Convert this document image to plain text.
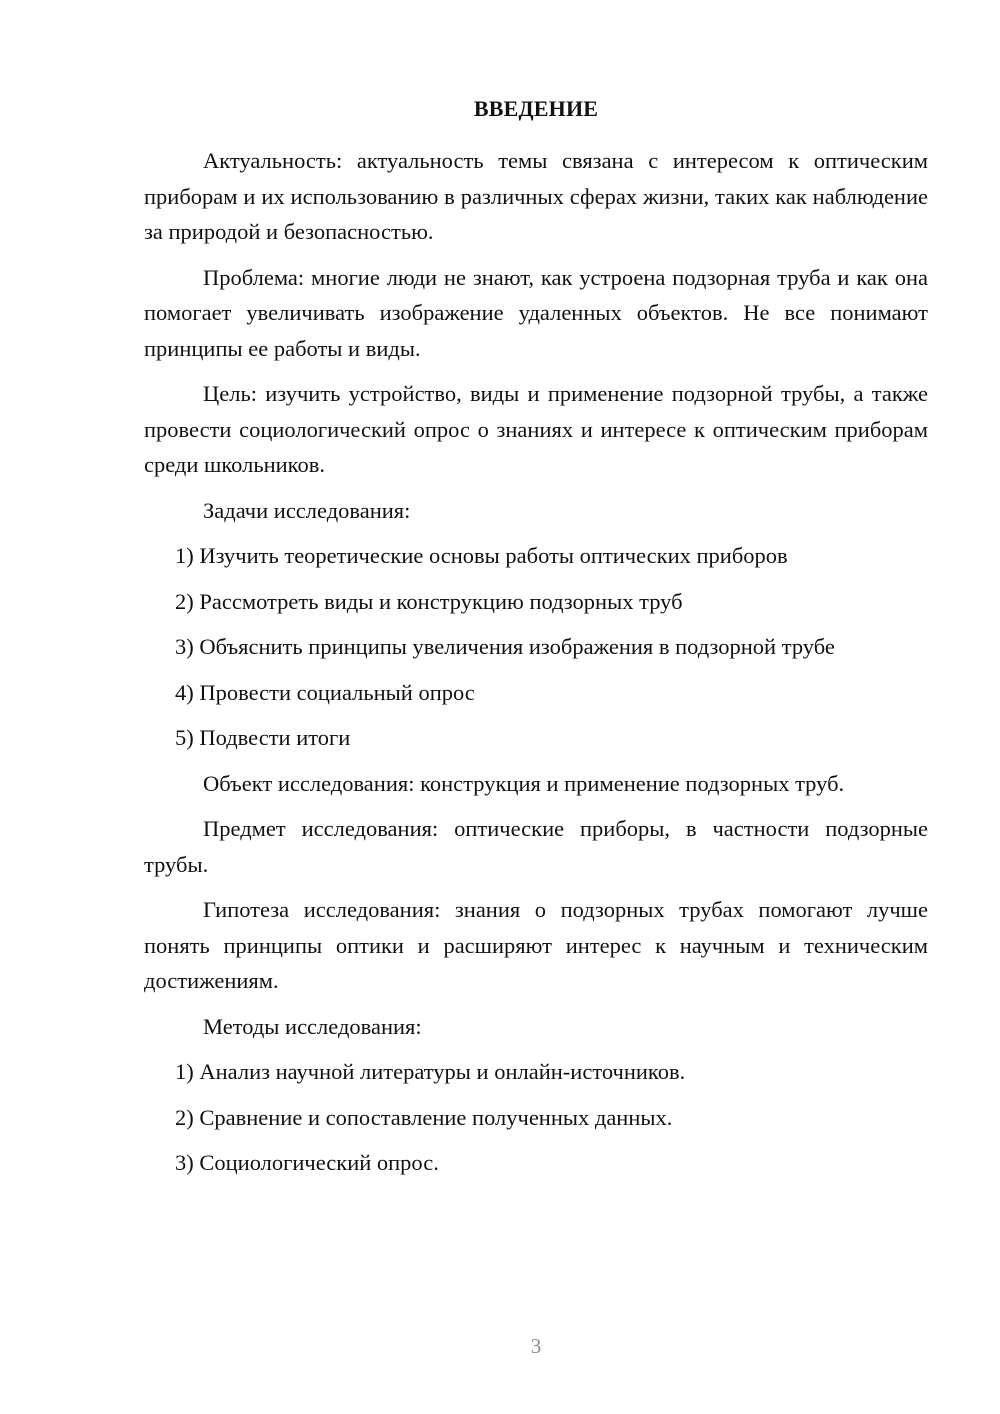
ВВЕДЕНИЕ

Актуальность: актуальность темы связана с интересом к оптическим приборам и их использованию в различных сферах жизни, таких как наблюдение за природой и безопасностью.

Проблема: многие люди не знают, как устроена подзорная труба и как она помогает увеличивать изображение удаленных объектов. Не все понимают принципы ее работы и виды.

Цель: изучить устройство, виды и применение подзорной трубы, а также провести социологический опрос о знаниях и интересе к оптическим приборам среди школьников.

Задачи исследования:

1) Изучить теоретические основы работы оптических приборов

2) Рассмотреть виды и конструкцию подзорных труб

3) Объяснить принципы увеличения изображения в подзорной трубе

4) Провести социальный опрос

5) Подвести итоги

Объект исследования: конструкция и применение подзорных труб.

Предмет исследования: оптические приборы, в частности подзорные трубы.

Гипотеза исследования: знания о подзорных трубах помогают лучше понять принципы оптики и расширяют интерес к научным и техническим достижениям.

Методы исследования:

1) Анализ научной литературы и онлайн-источников.

2) Сравнение и сопоставление полученных данных.

3) Социологический опрос.

3
